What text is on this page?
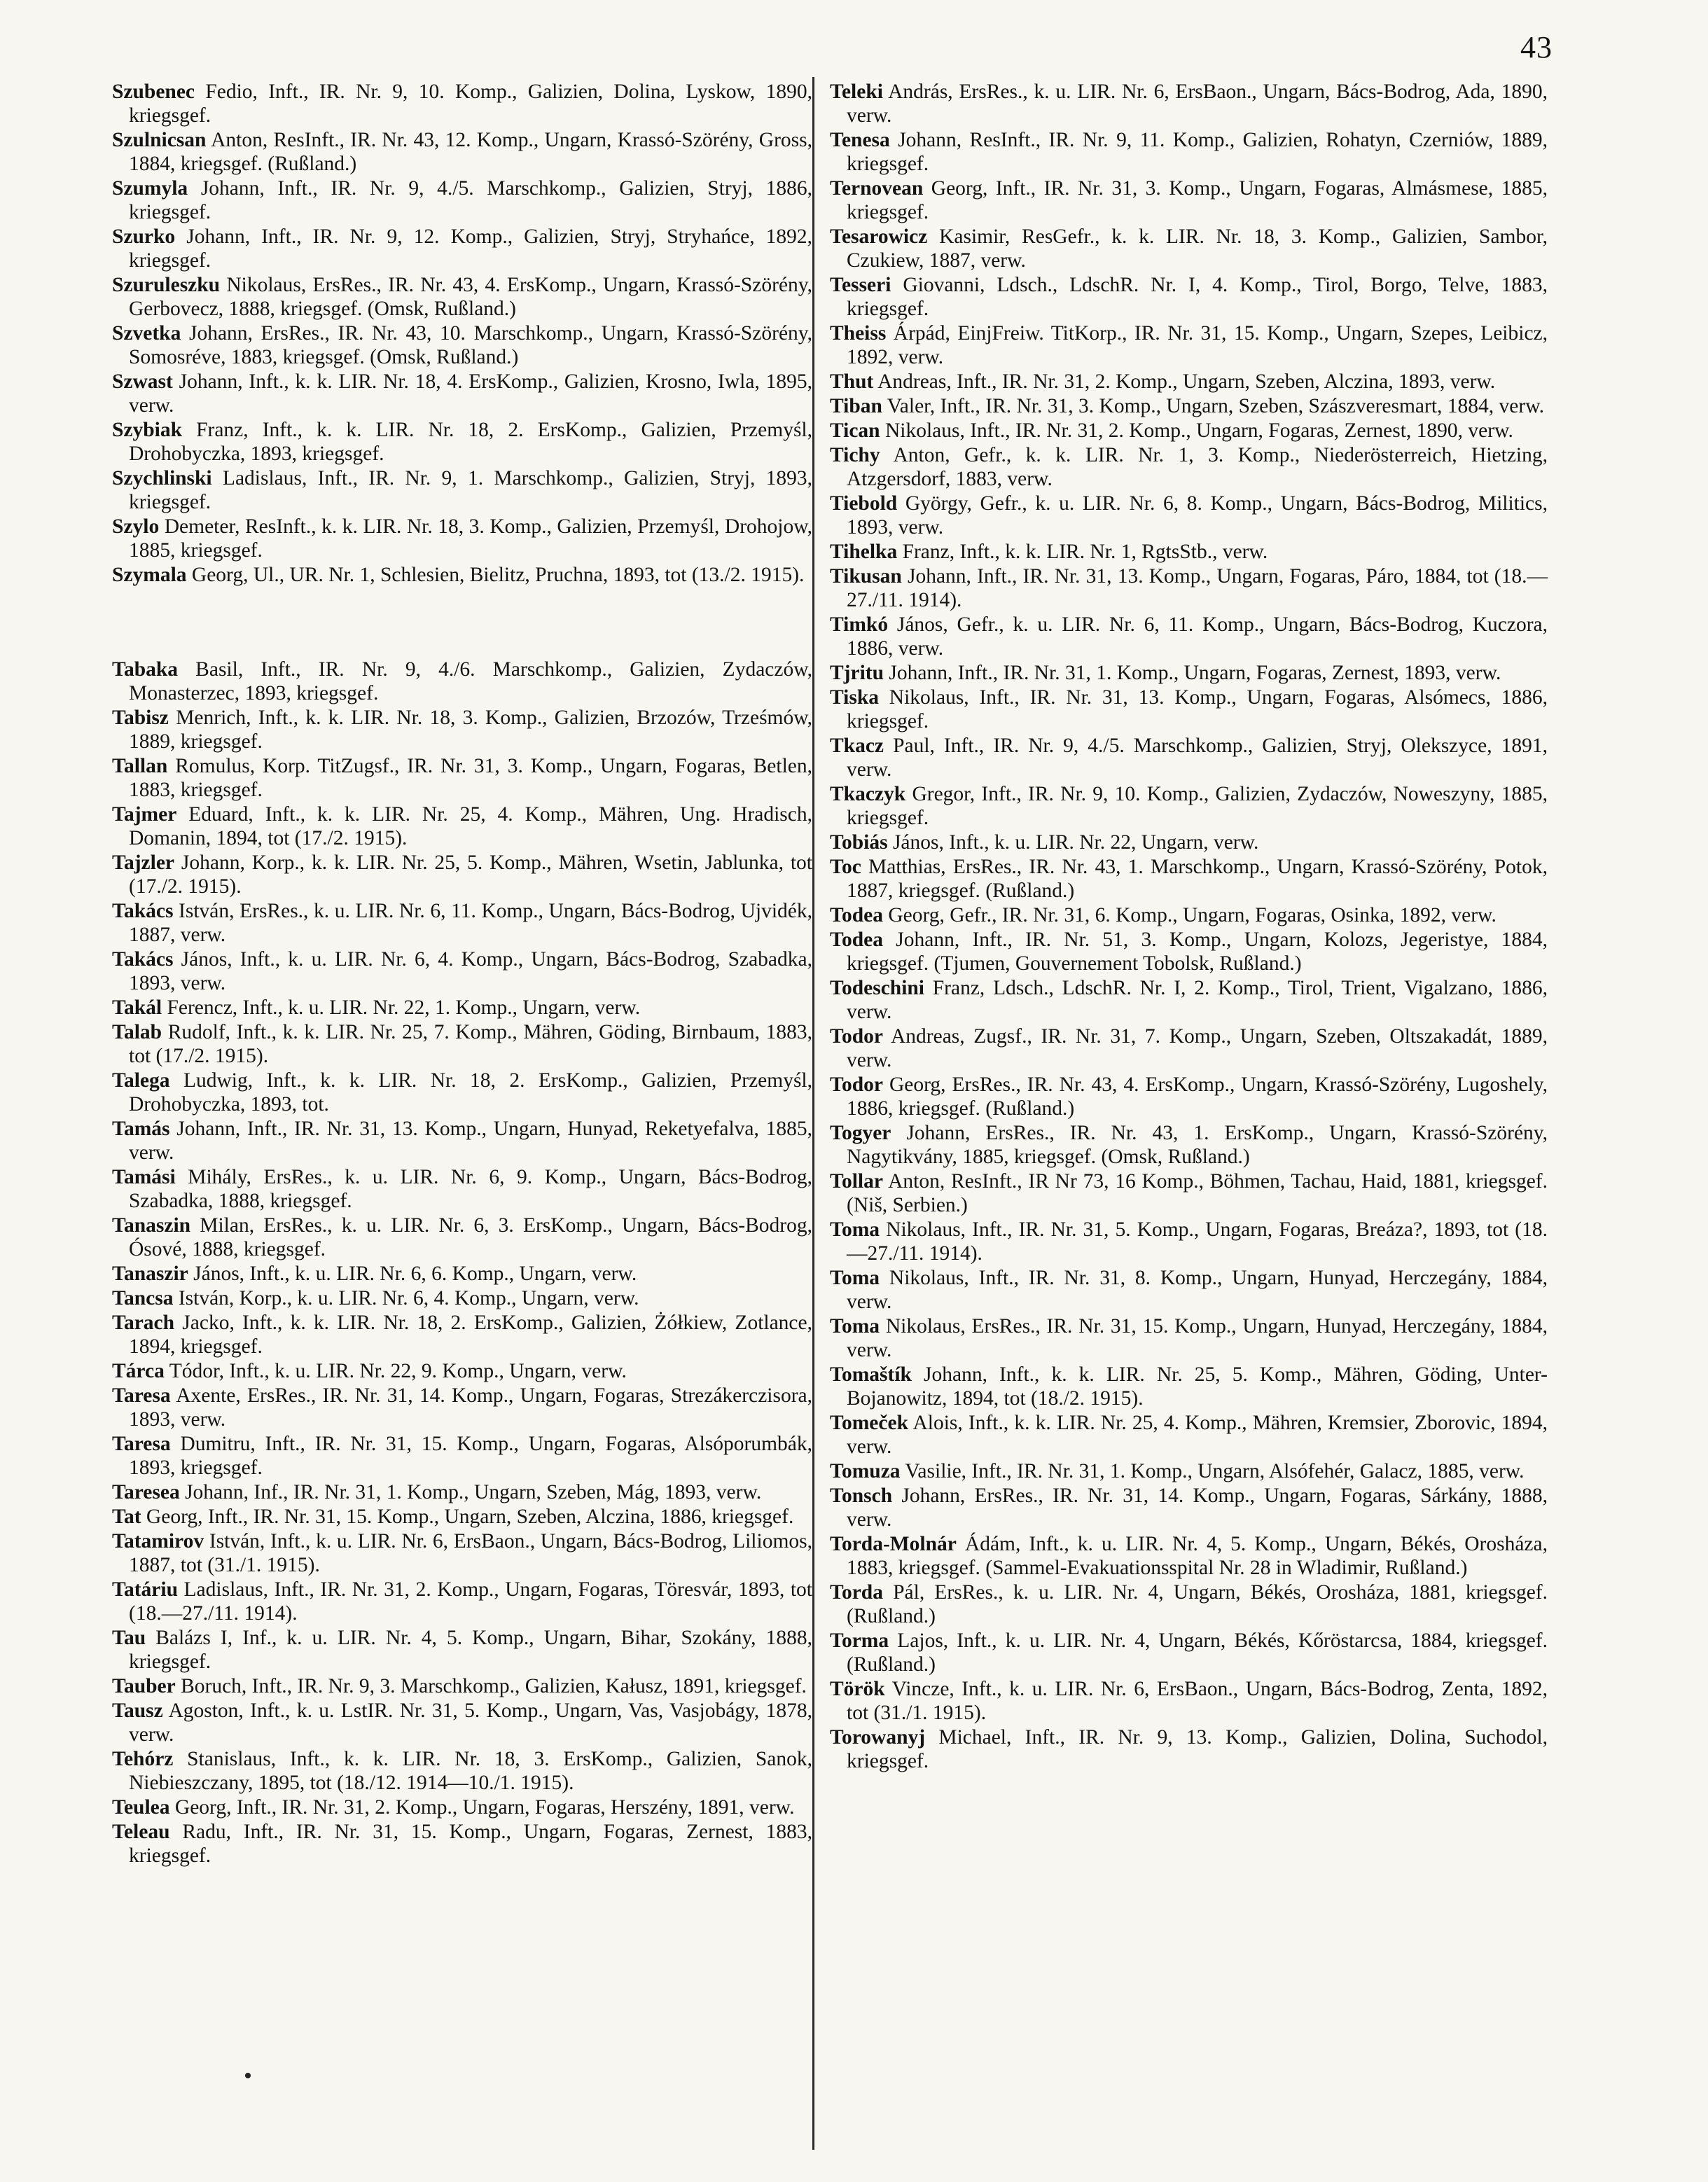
43

Szubenec Fedio, Inft., IR. Nr. 9, 10. Komp., Galizien, Dolina, Lyskow, 1890, kriegsgef.

Szulnicsan Anton, ResInft., IR. Nr. 43, 12. Komp., Ungarn, Krassó-Szörény, Gross, 1884, kriegsgef. (Rußland.)

Szumyla Johann, Inft., IR. Nr. 9, 4./5. Marschkomp., Galizien, Stryj, 1886, kriegsgef.

Szurko Johann, Inft., IR. Nr. 9, 12. Komp., Galizien, Stryj, Stryhańce, 1892, kriegsgef.

Szuruleszku Nikolaus, ErsRes., IR. Nr. 43, 4. ErsKomp., Ungarn, Krassó-Szörény, Gerbovecz, 1888, kriegsgef. (Omsk, Rußland.)

Szvetka Johann, ErsRes., IR. Nr. 43, 10. Marschkomp., Ungarn, Krassó-Szörény, Somosréve, 1883, kriegsgef. (Omsk, Rußland.)

Szwast Johann, Inft., k. k. LIR. Nr. 18, 4. ErsKomp., Galizien, Krosno, Iwla, 1895, verw.

Szybiak Franz, Inft., k. k. LIR. Nr. 18, 2. ErsKomp., Galizien, Przemyśl, Drohobyczka, 1893, kriegsgef.

Szychlinski Ladislaus, Inft., IR. Nr. 9, 1. Marschkomp., Galizien, Stryj, 1893, kriegsgef.

Szylo Demeter, ResInft., k. k. LIR. Nr. 18, 3. Komp., Galizien, Przemyśl, Drohojow, 1885, kriegsgef.

Szymala Georg, Ul., UR. Nr. 1, Schlesien, Bielitz, Pruchna, 1893, tot (13./2. 1915).

Tabaka Basil, Inft., IR. Nr. 9, 4./6. Marschkomp., Galizien, Zydaczów, Monasterzec, 1893, kriegsgef.

Tabisz Menrich, Inft., k. k. LIR. Nr. 18, 3. Komp., Galizien, Brzozów, Trześmów, 1889, kriegsgef.

Tallan Romulus, Korp. TitZugsf., IR. Nr. 31, 3. Komp., Ungarn, Fogaras, Betlen, 1883, kriegsgef.

Tajmer Eduard, Inft., k. k. LIR. Nr. 25, 4. Komp., Mähren, Ung. Hradisch, Domanin, 1894, tot (17./2. 1915).

Tajzler Johann, Korp., k. k. LIR. Nr. 25, 5. Komp., Mähren, Wsetin, Jablunka, tot (17./2. 1915).

Takács István, ErsRes., k. u. LIR. Nr. 6, 11. Komp., Ungarn, Bács-Bodrog, Ujvidék, 1887, verw.

Takács János, Inft., k. u. LIR. Nr. 6, 4. Komp., Ungarn, Bács-Bodrog, Szabadka, 1893, verw.

Takál Ferencz, Inft., k. u. LIR. Nr. 22, 1. Komp., Ungarn, verw.

Talab Rudolf, Inft., k. k. LIR. Nr. 25, 7. Komp., Mähren, Göding, Birnbaum, 1883, tot (17./2. 1915).

Talega Ludwig, Inft., k. k. LIR. Nr. 18, 2. ErsKomp., Galizien, Przemyśl, Drohobyczka, 1893, tot.

Tamás Johann, Inft., IR. Nr. 31, 13. Komp., Ungarn, Hunyad, Reketyefalva, 1885, verw.

Tamási Mihály, ErsRes., k. u. LIR. Nr. 6, 9. Komp., Ungarn, Bács-Bodrog, Szabadka, 1888, kriegsgef.

Tanaszin Milan, ErsRes., k. u. LIR. Nr. 6, 3. ErsKomp., Ungarn, Bács-Bodrog, Ósové, 1888, kriegsgef.

Tanaszir János, Inft., k. u. LIR. Nr. 6, 6. Komp., Ungarn, verw.

Tancsa István, Korp., k. u. LIR. Nr. 6, 4. Komp., Ungarn, verw.

Tarach Jacko, Inft., k. k. LIR. Nr. 18, 2. ErsKomp., Galizien, Żółkiew, Zotlance, 1894, kriegsgef.

Tárca Tódor, Inft., k. u. LIR. Nr. 22, 9. Komp., Ungarn, verw.

Taresa Axente, ErsRes., IR. Nr. 31, 14. Komp., Ungarn, Fogaras, Strezákerczisora, 1893, verw.

Taresa Dumitru, Inft., IR. Nr. 31, 15. Komp., Ungarn, Fogaras, Alsóporumbák, 1893, kriegsgef.

Taresea Johann, Inf., IR. Nr. 31, 1. Komp., Ungarn, Szeben, Mág, 1893, verw.

Tat Georg, Inft., IR. Nr. 31, 15. Komp., Ungarn, Szeben, Alczina, 1886, kriegsgef.

Tatamirov István, Inft., k. u. LIR. Nr. 6, ErsBaon., Ungarn, Bács-Bodrog, Liliomos, 1887, tot (31./1. 1915).

Tatáriu Ladislaus, Inft., IR. Nr. 31, 2. Komp., Ungarn, Fogaras, Töresvár, 1893, tot (18.—27./11. 1914).

Tau Balázs I, Inf., k. u. LIR. Nr. 4, 5. Komp., Ungarn, Bihar, Szokány, 1888, kriegsgef.

Tauber Boruch, Inft., IR. Nr. 9, 3. Marschkomp., Galizien, Kałusz, 1891, kriegsgef.

Tausz Agoston, Inft., k. u. LstIR. Nr. 31, 5. Komp., Ungarn, Vas, Vasjobágy, 1878, verw.

Tehórz Stanislaus, Inft., k. k. LIR. Nr. 18, 3. ErsKomp., Galizien, Sanok, Niebieszczany, 1895, tot (18./12. 1914—10./1. 1915).

Teulea Georg, Inft., IR. Nr. 31, 2. Komp., Ungarn, Fogaras, Herszény, 1891, verw.

Teleau Radu, Inft., IR. Nr. 31, 15. Komp., Ungarn, Fogaras, Zernest, 1883, kriegsgef.

Teleki András, ErsRes., k. u. LIR. Nr. 6, ErsBaon., Ungarn, Bács-Bodrog, Ada, 1890, verw.

Tenesa Johann, ResInft., IR. Nr. 9, 11. Komp., Galizien, Rohatyn, Czerniów, 1889, kriegsgef.

Ternovean Georg, Inft., IR. Nr. 31, 3. Komp., Ungarn, Fogaras, Almásmese, 1885, kriegsgef.

Tesarowicz Kasimir, ResGefr., k. k. LIR. Nr. 18, 3. Komp., Galizien, Sambor, Czukiew, 1887, verw.

Tesseri Giovanni, Ldsch., LdschR. Nr. I, 4. Komp., Tirol, Borgo, Telve, 1883, kriegsgef.

Theiss Árpád, EinjFreiw. TitKorp., IR. Nr. 31, 15. Komp., Ungarn, Szepes, Leibicz, 1892, verw.

Thut Andreas, Inft., IR. Nr. 31, 2. Komp., Ungarn, Szeben, Alczina, 1893, verw.

Tiban Valer, Inft., IR. Nr. 31, 3. Komp., Ungarn, Szeben, Szászveresmart, 1884, verw.

Tican Nikolaus, Inft., IR. Nr. 31, 2. Komp., Ungarn, Fogaras, Zernest, 1890, verw.

Tichy Anton, Gefr., k. k. LIR. Nr. 1, 3. Komp., Niederösterreich, Hietzing, Atzgersdorf, 1883, verw.

Tiebold György, Gefr., k. u. LIR. Nr. 6, 8. Komp., Ungarn, Bács-Bodrog, Militics, 1893, verw.

Tihelka Franz, Inft., k. k. LIR. Nr. 1, RgtsStb., verw.

Tikusan Johann, Inft., IR. Nr. 31, 13. Komp., Ungarn, Fogaras, Páro, 1884, tot (18.—27./11. 1914).

Timkó János, Gefr., k. u. LIR. Nr. 6, 11. Komp., Ungarn, Bács-Bodrog, Kuczora, 1886, verw.

Tjritu Johann, Inft., IR. Nr. 31, 1. Komp., Ungarn, Fogaras, Zernest, 1893, verw.

Tiska Nikolaus, Inft., IR. Nr. 31, 13. Komp., Ungarn, Fogaras, Alsómecs, 1886, kriegsgef.

Tkacz Paul, Inft., IR. Nr. 9, 4./5. Marschkomp., Galizien, Stryj, Olekszyce, 1891, verw.

Tkaczyk Gregor, Inft., IR. Nr. 9, 10. Komp., Galizien, Zydaczów, Noweszyny, 1885, kriegsgef.

Tobiás János, Inft., k. u. LIR. Nr. 22, Ungarn, verw.

Toc Matthias, ErsRes., IR. Nr. 43, 1. Marschkomp., Ungarn, Krassó-Szörény, Potok, 1887, kriegsgef. (Rußland.)

Todea Georg, Gefr., IR. Nr. 31, 6. Komp., Ungarn, Fogaras, Osinka, 1892, verw.

Todea Johann, Inft., IR. Nr. 51, 3. Komp., Ungarn, Kolozs, Jegeristye, 1884, kriegsgef. (Tjumen, Gouvernement Tobolsk, Rußland.)

Todeschini Franz, Ldsch., LdschR. Nr. I, 2. Komp., Tirol, Trient, Vigalzano, 1886, verw.

Todor Andreas, Zugsf., IR. Nr. 31, 7. Komp., Ungarn, Szeben, Oltszakadát, 1889, verw.

Todor Georg, ErsRes., IR. Nr. 43, 4. ErsKomp., Ungarn, Krassó-Szörény, Lugoshely, 1886, kriegsgef. (Rußland.)

Togyer Johann, ErsRes., IR. Nr. 43, 1. ErsKomp., Ungarn, Krassó-Szörény, Nagytikvány, 1885, kriegsgef. (Omsk, Rußland.)

Tollar Anton, ResInft., IR Nr 73, 16 Komp., Böhmen, Tachau, Haid, 1881, kriegsgef. (Niš, Serbien.)

Toma Nikolaus, Inft., IR. Nr. 31, 5. Komp., Ungarn, Fogaras, Breáza?, 1893, tot (18.—27./11. 1914).

Toma Nikolaus, Inft., IR. Nr. 31, 8. Komp., Ungarn, Hunyad, Herczegány, 1884, verw.

Toma Nikolaus, ErsRes., IR. Nr. 31, 15. Komp., Ungarn, Hunyad, Herczegány, 1884, verw.

Tomaštík Johann, Inft., k. k. LIR. Nr. 25, 5. Komp., Mähren, Göding, Unter-Bojanowitz, 1894, tot (18./2. 1915).

Tomeček Alois, Inft., k. k. LIR. Nr. 25, 4. Komp., Mähren, Kremsier, Zborovic, 1894, verw.

Tomuza Vasilie, Inft., IR. Nr. 31, 1. Komp., Ungarn, Alsófehér, Galacz, 1885, verw.

Tonsch Johann, ErsRes., IR. Nr. 31, 14. Komp., Ungarn, Fogaras, Sárkány, 1888, verw.

Torda-Molnár Ádám, Inft., k. u. LIR. Nr. 4, 5. Komp., Ungarn, Békés, Orosháza, 1883, kriegsgef. (Sammel-Evakuationsspital Nr. 28 in Wladimir, Rußland.)

Torda Pál, ErsRes., k. u. LIR. Nr. 4, Ungarn, Békés, Orosháza, 1881, kriegsgef. (Rußland.)

Torma Lajos, Inft., k. u. LIR. Nr. 4, Ungarn, Békés, Kőröstarcsa, 1884, kriegsgef. (Rußland.)

Török Vincze, Inft., k. u. LIR. Nr. 6, ErsBaon., Ungarn, Bács-Bodrog, Zenta, 1892, tot (31./1. 1915).

Torowanyj Michael, Inft., IR. Nr. 9, 13. Komp., Galizien, Dolina, Suchodol, kriegsgef.
